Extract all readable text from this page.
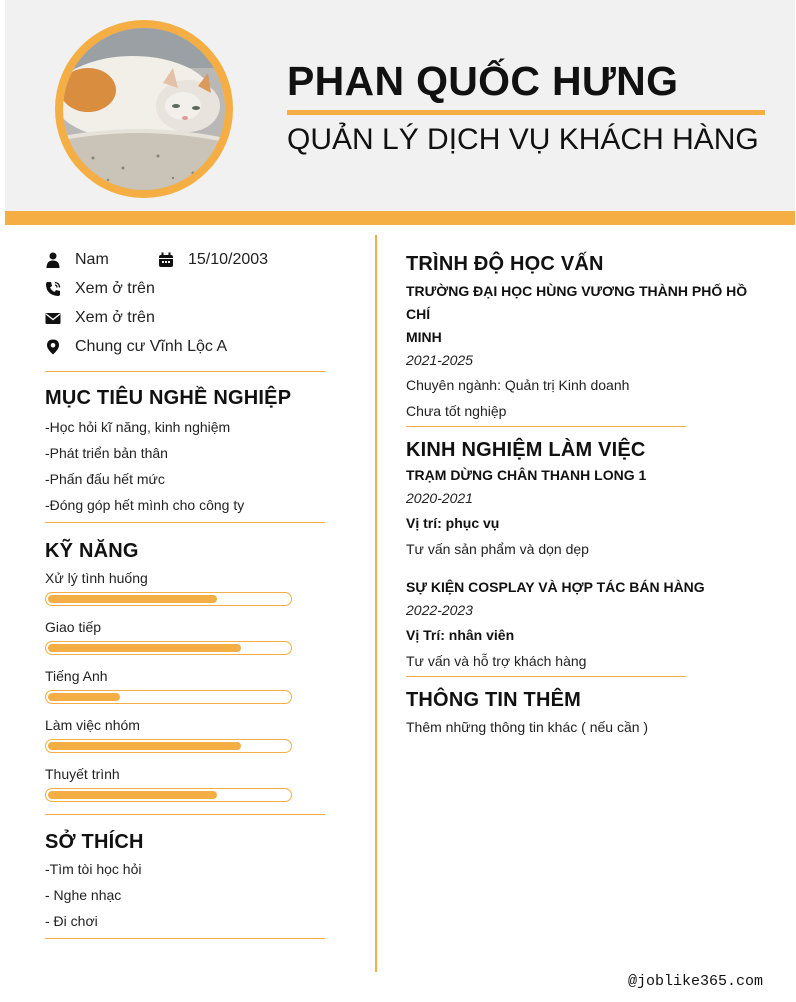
PHAN QUỐC HƯNG
QUẢN LÝ DỊCH VỤ KHÁCH HÀNG
Nam	15/10/2003
Xem ở trên
Xem ở trên
Chung cư Vĩnh Lộc A
MỤC TIÊU NGHỀ NGHIỆP
-Học hỏi kĩ năng, kinh nghiệm
-Phát triển bản thân
-Phấn đấu hết mức
-Đóng góp hết mình cho công ty
KỸ NĂNG
Xử lý tình huống
Giao tiếp
Tiếng Anh
Làm việc nhóm
Thuyết trình
SỞ THÍCH
-Tìm tòi học hỏi
- Nghe nhạc
- Đi chơi
TRÌNH ĐỘ HỌC VẤN
TRƯỜNG ĐẠI HỌC HÙNG VƯƠNG THÀNH PHỐ HỒ CHÍ
MINH
2021-2025
Chuyên ngành: Quản trị Kinh doanh
Chưa tốt nghiệp
KINH NGHIỆM LÀM VIỆC
TRẠM DỪNG CHÂN THANH LONG 1
2020-2021
Vị trí: phục vụ
Tư vấn sản phẩm và dọn dẹp
SỰ KIỆN COSPLAY VÀ HỢP TÁC BÁN HÀNG
2022-2023
Vị Trí: nhân viên
Tư vấn và hỗ trợ khách hàng
THÔNG TIN THÊM
Thêm những thông tin khác ( nếu cần )
@joblike365.com
